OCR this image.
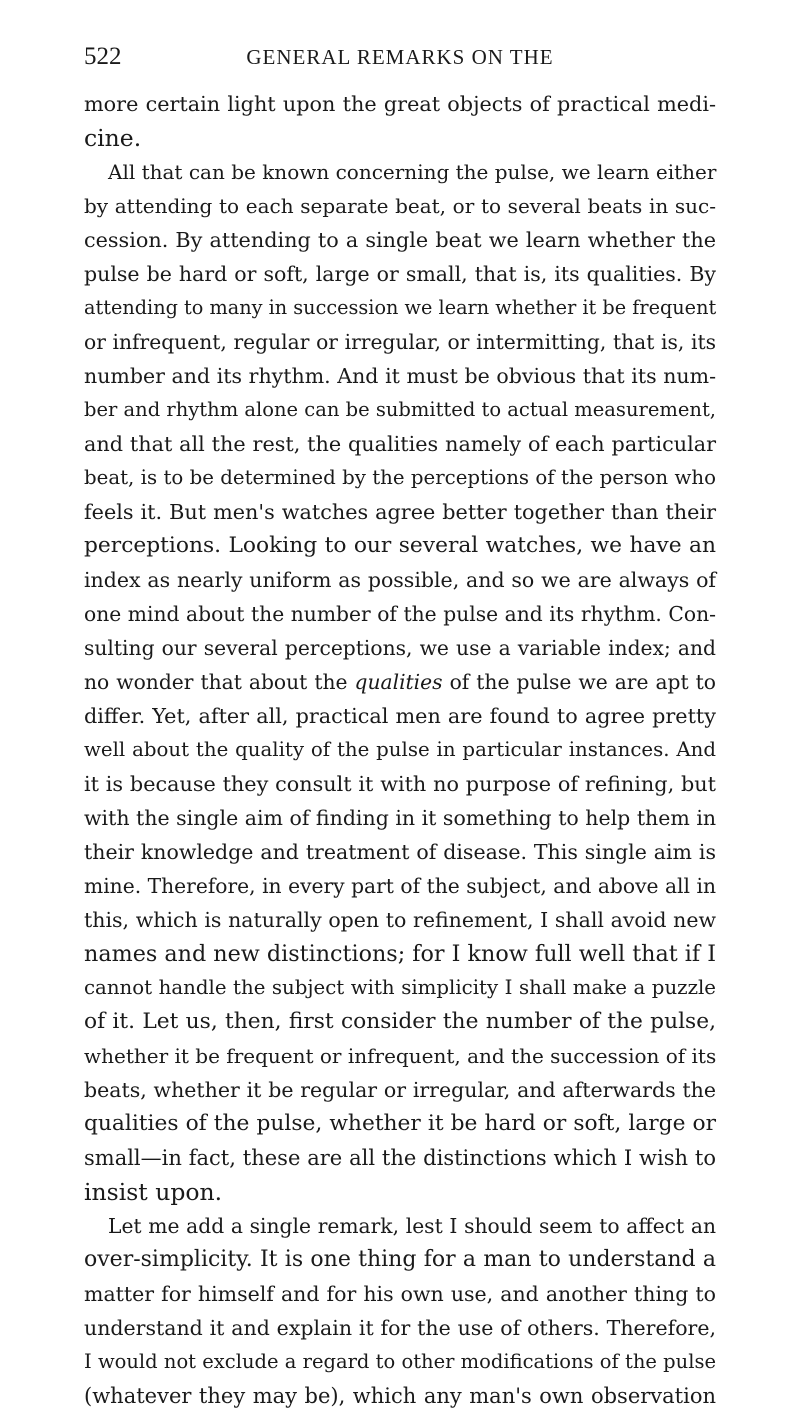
522	GENERAL REMARKS ON THE
more certain light upon the great objects of practical medi-
cine.
All that can be known concerning the pulse, we learn either
by attending to each separate beat, or to several beats in suc-
cession. By attending to a single beat we learn whether the
pulse be hard or soft, large or small, that is, its qualities. By
attending to many in succession we learn whether it be frequent
or infrequent, regular or irregular, or intermitting, that is, its
number and its rhythm. And it must be obvious that its num-
ber and rhythm alone can be submitted to actual measurement,
and that all the rest, the qualities namely of each particular
beat, is to be determined by the perceptions of the person who
feels it. But men's watches agree better together than their
perceptions. Looking to our several watches, we have an
index as nearly uniform as possible, and so we are always of
one mind about the number of the pulse and its rhythm. Con-
sulting our several perceptions, we use a variable index; and
no wonder that about the qualities of the pulse we are apt to
differ. Yet, after all, practical men are found to agree pretty
well about the quality of the pulse in particular instances. And
it is because they consult it with no purpose of refining, but
with the single aim of finding in it something to help them in
their knowledge and treatment of disease. This single aim is
mine. Therefore, in every part of the subject, and above all in
this, which is naturally open to refinement, I shall avoid new
names and new distinctions; for I know full well that if I
cannot handle the subject with simplicity I shall make a puzzle
of it. Let us, then, first consider the number of the pulse,
whether it be frequent or infrequent, and the succession of its
beats, whether it be regular or irregular, and afterwards the
qualities of the pulse, whether it be hard or soft, large or
small—in fact, these are all the distinctions which I wish to
insist upon.
Let me add a single remark, lest I should seem to affect an
over-simplicity. It is one thing for a man to understand a
matter for himself and for his own use, and another thing to
understand it and explain it for the use of others. Therefore,
I would not exclude a regard to other modifications of the pulse
(whatever they may be), which any man's own observation
